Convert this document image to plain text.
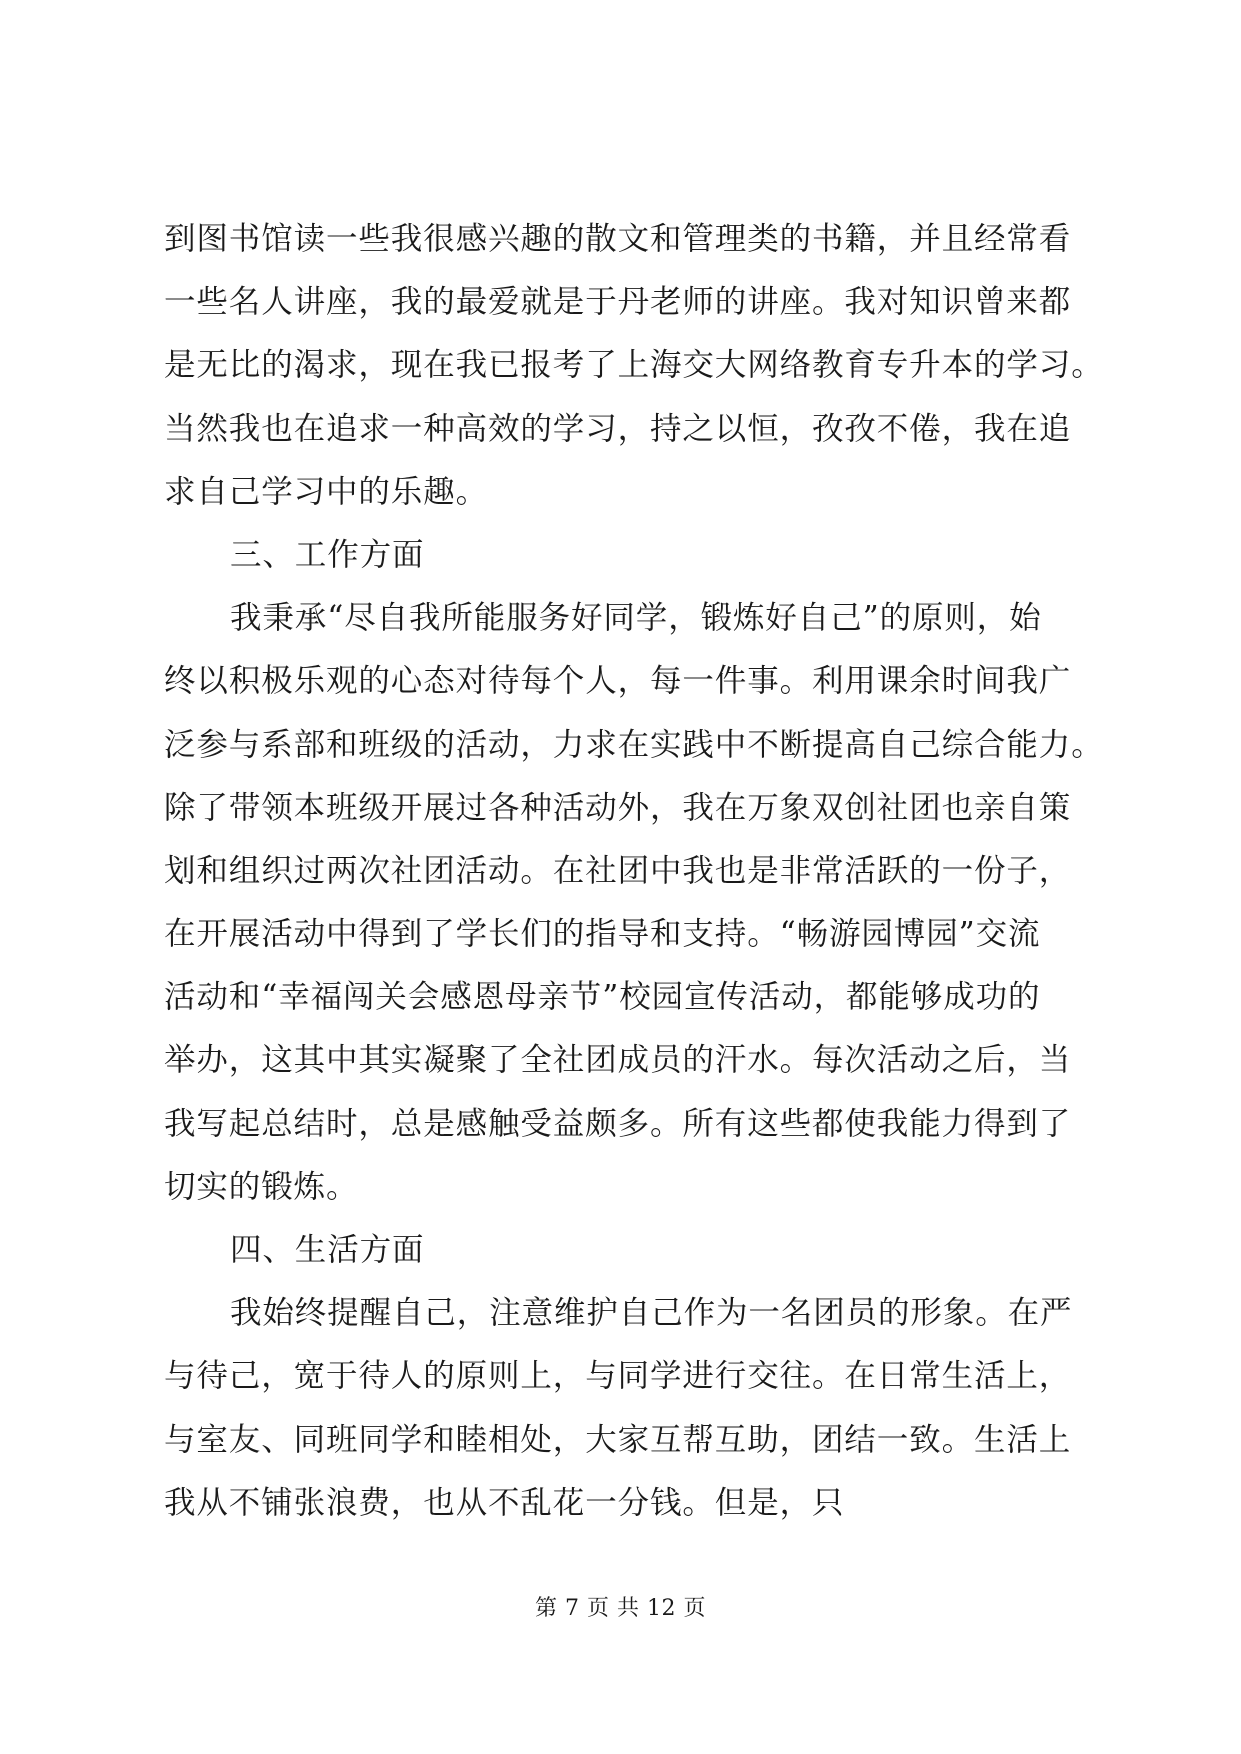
到图书馆读一些我很感兴趣的散文和管理类的书籍，并且经常看
一些名人讲座，我的最爱就是于丹老师的讲座。我对知识曾来都
是无比的渴求，现在我已报考了上海交大网络教育专升本的学习。
当然我也在追求一种高效的学习，持之以恒，孜孜不倦，我在追
求自己学习中的乐趣。
三、工作方面
我秉承“尽自我所能服务好同学，锻炼好自己”的原则，始
终以积极乐观的心态对待每个人，每一件事。利用课余时间我广
泛参与系部和班级的活动，力求在实践中不断提高自己综合能力。
除了带领本班级开展过各种活动外，我在万象双创社团也亲自策
划和组织过两次社团活动。在社团中我也是非常活跃的一份子，
在开展活动中得到了学长们的指导和支持。“畅游园博园”交流
活动和“幸福闯关会感恩母亲节”校园宣传活动，都能够成功的
举办，这其中其实凝聚了全社团成员的汗水。每次活动之后，当
我写起总结时，总是感触受益颇多。所有这些都使我能力得到了
切实的锻炼。
四、生活方面
我始终提醒自己，注意维护自己作为一名团员的形象。在严
与待己，宽于待人的原则上，与同学进行交往。在日常生活上，
与室友、同班同学和睦相处，大家互帮互助，团结一致。生活上
我从不铺张浪费，也从不乱花一分钱。但是，只
第 7 页 共 12 页
